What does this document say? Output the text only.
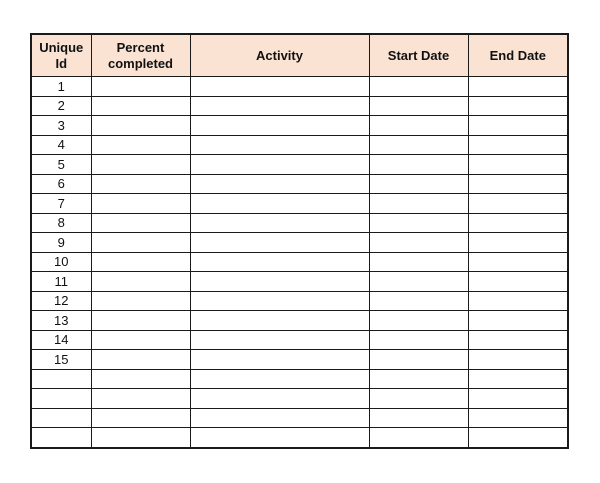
Unique Id	Percent completed	Activity	Start Date	End Date
1				
2				
3				
4				
5				
6				
7				
8				
9				
10				
11				
12				
13				
14				
15				
